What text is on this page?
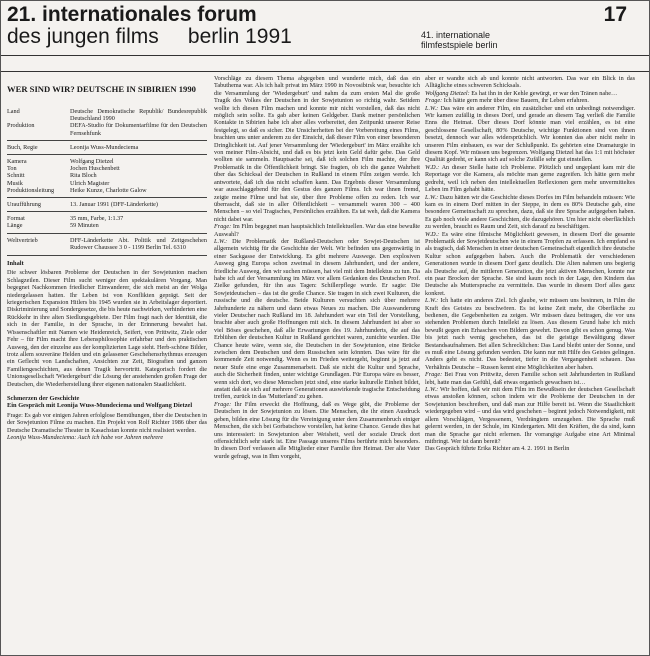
21. internationales forum	17
des jungen films     berlin 1991	41. internationale
filmfestspiele berlin
WER SIND WIR? DEUTSCHE IN SIBIRIEN 1990
Land	Deutsche Demokratische Republik/ Bundesrepublik Deutschland 1990
Produktion	DEFA-Studio für Dokumentarfilme für den Deutschen Fernsehfunk

Buch, Regie	Leonija Wuss-Mundeciema

Kamera	Wolfgang Dietzel
Ton	Jochen Huschenbett
Schnitt	Rita Bloch
Musik	Ulrich Magister
Produktionsleitung	Heike Kunze, Charlotte Galow

Uraufführung	13. Januar 1991 (DFF-Länderkette)

Format	35 mm, Farbe, 1:1.37
Länge	59 Minuten

Weltvertrieb	DFF-Länderkette Abt. Politik und Zeitgeschehen Rudower Chaussee 3 0 - 1199 Berlin Tel. 6310
Inhalt

Die schwer lösbaren Probleme der Deutschen in der Sowjetunion machen Schlagzeilen. Dieser Film sucht weniger den spektakulären Vorgang. Man begegnet Nachkommen friedlicher Einwanderer, die sich meist an der Wolga niedergelassen hatten. Ihr Leben ist von Konflikten geprägt. Seit der kriegerischen Expansion Hitlers bis 1945 wurden sie in Arbeitslager deportiert. Diskriminierung und Sondergesetze, die bis heute nachwirken, verhinderten eine Rückkehr in ihre alten Siedlungsgebiete. Der Film fragt nach der Identität, die sich in der Familie, in der Sprache, in der Erinnerung bewahrt hat. Wissenschaftler mit Namen wie Heidenreich, Seifert, von Prittwitz, Ziele oder Fehr – für Film macht ihre Lebensphilosophie erfahrbar und den praktischen Ausweg, den der einzelne aus der komplizierten Lage sieht. Herb-schöne Bilder, trotz allem souveräne Helden und ein gelassener Geschehensrhythmus erzeugen ein Geflecht von Landschaften, Ansichten zur Zeit, Biografien und ganzen Familiengeschichten, aus denen Tragik hervortritt. Kategorisch fordert die Unionsgesellschaft 'Wiedergeburt' die Lösung der anstehenden großen Frage der Deutschen, die Wiederherstellung ihrer eigenen nationalen Staatlichkeit.

Schmerzen der Geschichte
Ein Gespräch mit Leonija Wuss-Mundeciema und Wolfgang Dietzel

Frage: Es gab vor einigen Jahren erfolglose Bemühungen, über die Deutschen in der Sowjetunion Filme zu machen. Ein Projekt von Rolf Richter 1986 über das Deutsche Dramatische Theater in Kasachstan konnte nicht realisiert werden.

Leonija Wuss-Mundeciema: Auch ich habe vor Jahren mehrere

Vorschläge zu diesem Thema abgegeben und wunderte mich, daß das ein Tabuthema war. Als ich halt privat im März 1990 in Novosibirsk war, besuchte ich die Versammlung der 'Wiedergeburt' und nahm da zum ersten Mal die große Tragik des Volkes der Deutschen in der Sowjetunion so richtig wahr. Seitdem wollte ich diesen Film machen und konnte mir nicht vorstellen, daß das nicht möglich sein sollte. Es gab aber keinen Geldgeber. Dank meiner persönlichen Kontakte in Sibirien habe ich aber alles vorbereitet, den Zeitpunkt unserer Reise festgelegt, so daß es sicher. Die Unsicherheiten bei der Vorbereitung eines Films, brachten uns unter anderem zu der Einsicht, daß dieser Film von einer besonderen Dringlichkeit ist. Auf jener Versammlung der 'Wiedergeburt' im März erzählte ich von meiner Film-Absicht, und daß es bis jetzt kein Geld dafür gebe. Das Geld wollten sie sammeln. Hauptsache sei, daß ich solchen Film machte, der ihre Problematik in die Öffentlichkeit bringt. Sie fragten, ob ich die ganze Wahrheit über das Schicksal der Deutschen in Rußland in einem Film zeigen werde. Ich antwortete, daß ich das nicht schaffen kann. Das Ergebnis dieser Versammlung war ausschlaggebend für den Gestus des ganzen Films. Ich war ihnen fremd, zeigte meine Filme und bat sie, über ihre Probleme offen zu reden. Ich war überrascht, daß sie in aller Öffentlichkeit – versammelt waren 300 – 400 Menschen – so viel Tragisches, Persönliches erzählten. Es tat weh, daß die Kamera nicht dabei war.

Frage: Im Film begegnet man hauptsächlich Intellektuellen. War das eine bewußte Auswahl?

L.W.: Die Problematik der Rußland-Deutschen oder Sowjet-Deutschen ist allgemein wichtig für die Geschichte der Welt. Wir befinden uns gegenwärtig in einer Sackgasse der Entwicklung. Es gibt mehrere Auswege. Den explosiven Ausweg ging Europa schon zweimal in diesem Jahrhundert, und der andere, friedliche Ausweg, den wir suchen müssen, hat viel mit dem Intellektus zu tun. Da habe ich auf der Versammlung im März vor allem Gedanken des Deutschen Prof. Zielke gefunden, für ihn aus Tagen: Schillerpflege wurde. Er sagte: Die Sowjetdeutschen – das ist die große Chance. Sie tragen in sich zwei Kulturen, die russische und die deutsche. Beide Kulturen versuchten sich über mehrere Jahrhunderte zu nähern und dann etwas Neues zu machen. Die Auswanderung vieler Deutscher nach Rußland im 18. Jahrhundert war ein Teil der Vorstellung, brachte aber auch große Hoffnungen mit sich. In diesem Jahrhundert ist aber so viel Böses geschehen, daß alle Erwartungen des 19. Jahrhunderts, die auf das Erblühen der deutschen Kultur in Rußland gerichtet waren, zunichte wurden. Die Chance heute wäre, wenn sie, die Deutschen in der Sowjetunion, eine Brücke zwischen dem Deutschen und dem Russischen sein könnten. Das wäre für die kommende Zeit notwendig. Wenn es im Frieden weitergeht, beginnt ja jetzt auf neuer Stufe eine enge Zusammenarbeit. Daß sie nicht die Kultur und Sprache, auch die Sicherheit finden, unter wichtige Grundlagen. Für Europa wäre es besser, wenn sich dort, wo diese Menschen jetzt sind, eine starke kulturelle Einheit bildet, anstatt daß sie sich auf mehrere Generationen auswirkende tragische Entscheidung treffen, zurück in das 'Mutterland' zu gehen.

Frage: Ihr Film erweckt die Hoffnung, daß es Wege gibt, die Probleme der Deutschen in der Sowjetunion zu lösen. Die Menschen, die ihr einen Ausdruck geben, bilden eine Lösung für die Vereinigung unter dem Zusammenbruch einiger Menschen, die sich bei Gorbatschow vorstellen, hat keine Chance. Gerade dies hat uns interessiert: in Sowjetunion aber Weisheit, weil der soziale Druck dort offensichtlich sehr stark ist. Eine Passage unseres Films berührte mich besonders. In diesen Dorf verlassen alle Mitglieder einer Familie ihre Heimat. Der alte Vater wurde gefragt, was in Ihm vorgeht,

aber er wandte sich ab und konnte nicht antworten. Das war ein Blick in das Alltägliche eines schweren Schicksals.

Wolfgang Dietzel: Es hat ihn in der Kehle gewürgt, er war den Tränen nahe…

Frage: Ich hätte gern mehr über diese Bauern, ihr Leben erfahren.

L.W.: Das wäre ein anderer Film, ein zusätzlicher und ein unbedingt notwendiger. Wir kamen zufällig in dieses Dorf, und gerade an diesem Tag verließ die Familie Enns die Heimat. Über dieses Dorf könnte man viel erzählen, es ist eine geschlossene Gesellschaft, 80% Deutsche, wichtige Funktionen sind von ihnen besetzt, dennoch war alles widersprüchlich. Wir konnten das aber nicht mehr in unseren Film einbauen, es war der Schlußpunkt. Es gehörten eine Dramaturgie in diesem Kopf. Wir müssen uns begrenzen. Wolfgang Dietzel hat das 1:1 mit höchster Qualität gedreht, er kann sich auf solche Zufälle sehr gut einstellen.

W.D.: An dieser Stelle hatte ich Probleme. Plötzlich und ungeplant kam mir die Reportage vor die Kamera, als möchte man gerne zugreifen. Ich hätte gern mehr gedreht, weil ich neben den intellektuellen Reflexionen gern mehr unvermitteltes Leben im Film gehabt hätte.

L.W.: Dazu hätten wir die Geschichte dieses Dorfes im Film behandeln müssen: Wie kam es in einem Dorf mitten in der Steppe, in dem es 80% Deutsche gab, eine besondere Gemeinschaft zu sprechen, dazu, daß sie ihre Sprache aufgegeben haben. Es gab noch viele andere Geschichten, die dazugehören. Um hier nicht oberflächlich zu werden, braucht es Raum und Zeit, sich darauf zu beschäftigen.

W.D.: Es wäre eine filmische Möglichkeit gewesen, in diesem Dorf die gesamte Problematik der Sowjetdeutschen wie in einem Tropfen zu erfassen. Ich empfand es als tragisch, daß Menschen in einer deutschen Gemeinschaft eigentlich ihre deutsche Kultur schon aufgegeben haben. Auch die Problematik der verschiedenen Generationen wurde in diesem Dorf ganz deutlich. Die Alten nahmen uns begierig als Deutsche auf, die mittleren Generation, die jetzt aktiven Menschen, konnte nur ein paar Brocken der Sprache. Sie sind kaum noch in der Lage, den Kindern das Deutsche als Muttersprache zu vermitteln. Das wurde in diesem Dorf alles ganz konkret.

L.W.: Ich hatte ein anderes Ziel. Ich glaube, wir müssen uns besinnen, in Film die Kraft des Geistes zu beschwören. Es ist keine Zeit mehr, die Oberfläche zu bedienen, die Gegebenheiten zu zeigen. Wir müssen dazu beitragen, die vor uns stehenden Problemen durch Intellekt zu lösen. Aus diesem Grund habe ich mich bewußt gegen ein Erhaschen von Bildern gewehrt. Davon gibt es schon genug. Was bis jetzt nach wenig geschehen, das ist die geistige Bewältigung dieser Bestandsaufnahmen. Bei allen Schrecklichen: Das Land bleibt unter der Sonne, und es muß eine Lösung gefunden werden. Die kann nur mit Hilfe des Geistes gelingen. Anders geht es nicht. Das bedeutet, tiefer in die Vergangenheit schauen. Das Verhältnis Deutsche – Russen kennt eine Möglichkeiten aber haben.

Frage: Bei Frau von Prittwitz, deren Familie schon seit Jahrhunderten in Rußland lebt, hatte man das Gefühl, daß etwas organisch gewachsen ist…

L.W.: Wir hoffen, daß wir mit dem Film im Bewußtsein der deutschen Gesellschaft etwas anstoßen können, schon indem wir die Probleme der Deutschen in der Sowjetunion beschreiben, und daß man zur Hilfe bereit ist. Wenn die Staatlichkeit wiedergegeben wird – und das wird geschehen – beginnt jedoch Notwendigkeit, mit allem Vorschlägen, Vergessenem, Verdrängtem umzugehen. Die Sprache muß gelernt werden, in der Schule, im Kindergarten. Mit den Kräften, die da sind, kann man die Sprache gar nicht erlernen. Ihr vorrangige Aufgabe eine Art Minimal mitbringt. Wer ist dann bereit?

Das Gespräch führte Erika Richter am 4. 2. 1991 in Berlin
